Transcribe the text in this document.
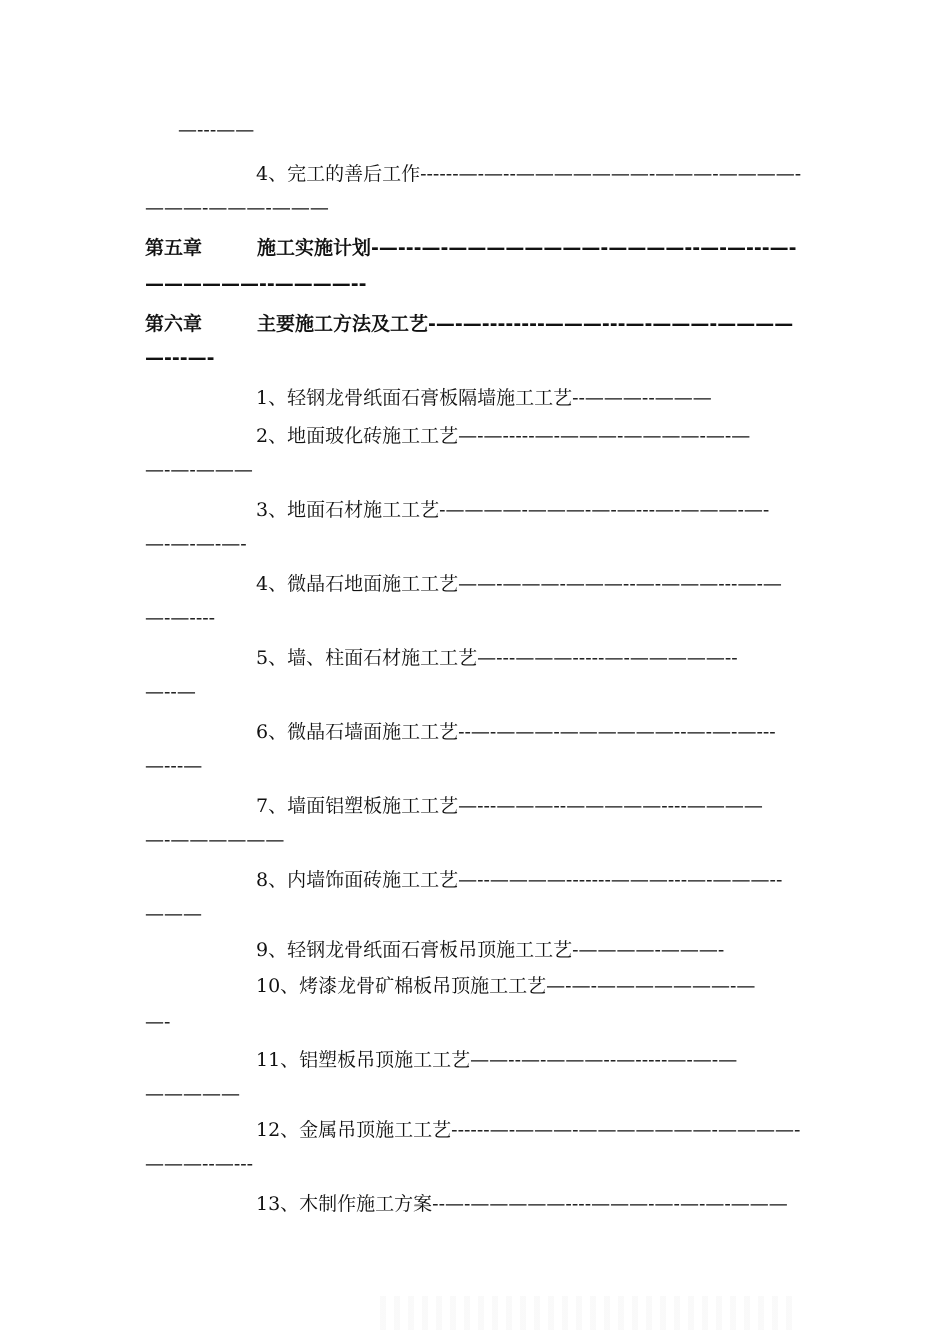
—---——
4、完工的善后工作------—-—--———————-———-————-
———-———-———
第五章	施工实施计划-—---—-————————-————--—-—---—-
——————--————--
第六章	主要施工方法及工艺-—-—--------———---—-———-————
—---—-
1、轻钢龙骨纸面石膏板隔墙施工工艺--———--———
2、地面玻化砖施工工艺—-—-----—-———-————-—-—
—-—-———
3、地面石材施工工艺-————-———-—-—---—-———-—-
—-—-—-—-
4、微晶石地面施工工艺——-———-———--—-———---—-—
—-—----
5、墙、柱面石材施工工艺—---———-----—-—————--
—--—
6、微晶石墙面施工工艺--—-———-——————--—-—-—---
—---—
7、墙面铝塑板施工工艺—---———--—————----————
—-——————
8、内墙饰面砖施工工艺—--————-------———---—-———--
———
9、轻钢龙骨纸面石膏板吊顶施工工艺-————-———-
10、烤漆龙骨矿棉板吊顶施工工艺—-—-———————-—
—-
11、铝塑板吊顶施工工艺——--—-———--—-----—-—-—
—————
12、金属吊顶施工工艺------—-———-———————-————-
———--—---
13、木制作施工方案--—-—————----———-—-—-—-———
